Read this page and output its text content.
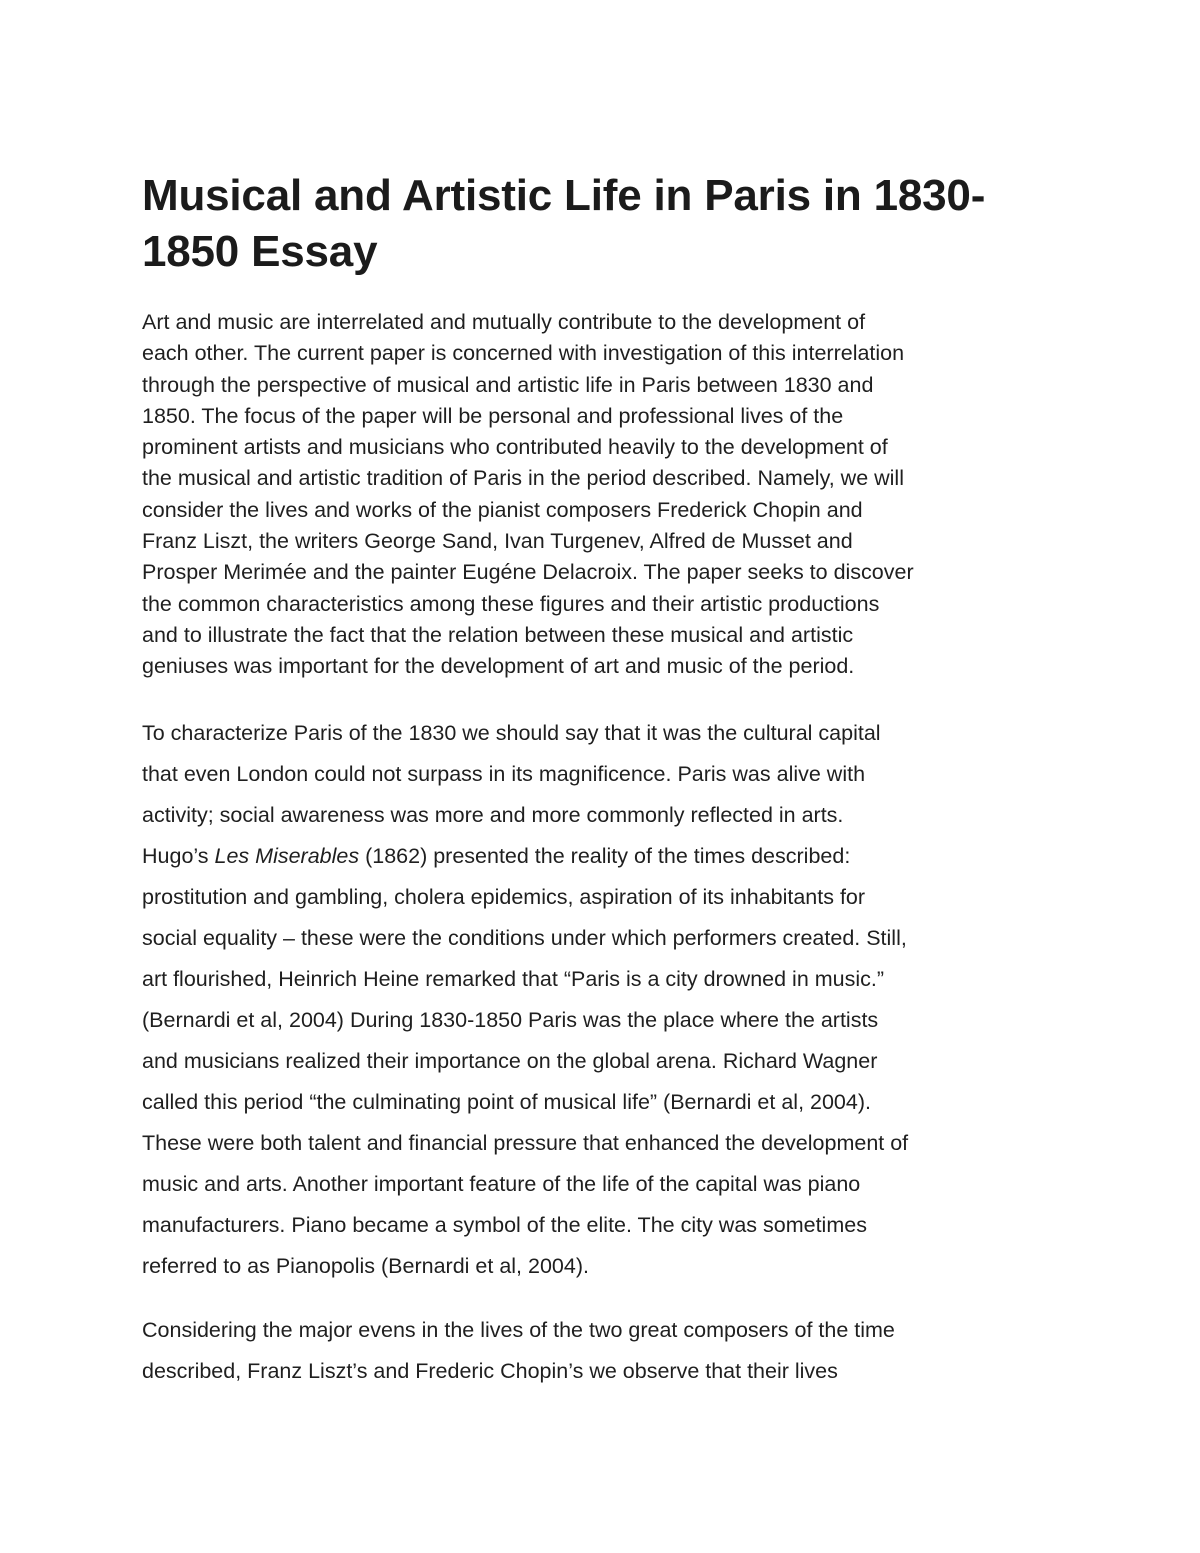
Musical and Artistic Life in Paris in 1830-
1850 Essay

Art and music are interrelated and mutually contribute to the development of
each other. The current paper is concerned with investigation of this interrelation
through the perspective of musical and artistic life in Paris between 1830 and
1850. The focus of the paper will be personal and professional lives of the
prominent artists and musicians who contributed heavily to the development of
the musical and artistic tradition of Paris in the period described. Namely, we will
consider the lives and works of the pianist composers Frederick Chopin and
Franz Liszt, the writers George Sand, Ivan Turgenev, Alfred de Musset and
Prosper Merimée and the painter Eugéne Delacroix. The paper seeks to discover
the common characteristics among these figures and their artistic productions
and to illustrate the fact that the relation between these musical and artistic
geniuses was important for the development of art and music of the period.

To characterize Paris of the 1830 we should say that it was the cultural capital
that even London could not surpass in its magnificence. Paris was alive with
activity; social awareness was more and more commonly reflected in arts.
Hugo’s Les Miserables (1862) presented the reality of the times described:
prostitution and gambling, cholera epidemics, aspiration of its inhabitants for
social equality – these were the conditions under which performers created. Still,
art flourished, Heinrich Heine remarked that “Paris is a city drowned in music.”
(Bernardi et al, 2004) During 1830-1850 Paris was the place where the artists
and musicians realized their importance on the global arena. Richard Wagner
called this period “the culminating point of musical life” (Bernardi et al, 2004).
These were both talent and financial pressure that enhanced the development of
music and arts. Another important feature of the life of the capital was piano
manufacturers. Piano became a symbol of the elite. The city was sometimes
referred to as Pianopolis (Bernardi et al, 2004).

Considering the major evens in the lives of the two great composers of the time
described, Franz Liszt’s and Frederic Chopin’s we observe that their lives
